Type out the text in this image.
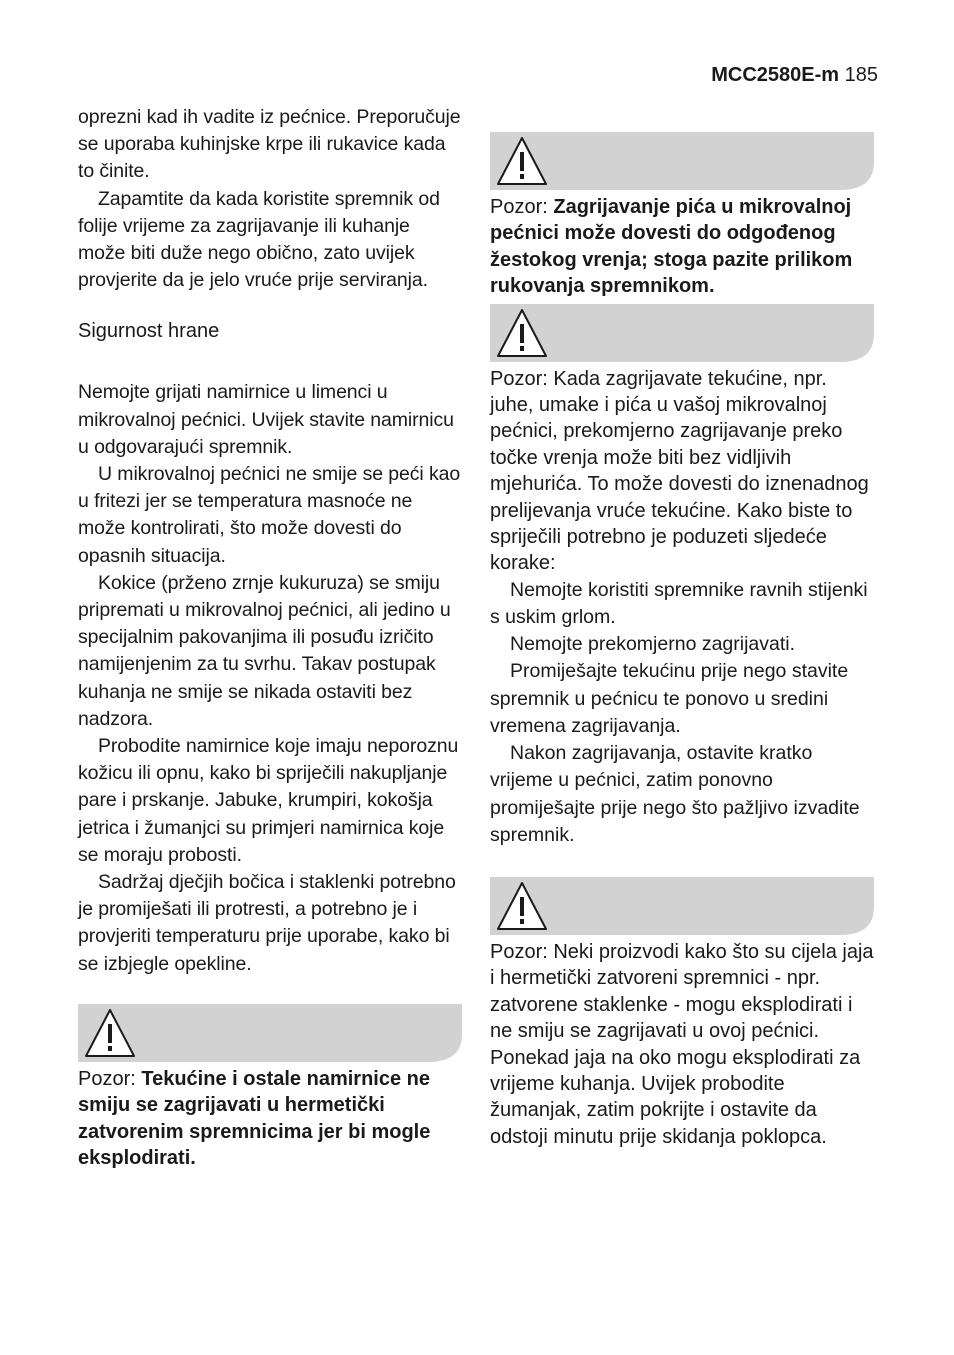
MCC2580E-m 185

oprezni kad ih vadite iz pećnice. Preporučuje se uporaba kuhinjske krpe ili rukavice kada to činite.

Zapamtite da kada koristite spremnik od folije vrijeme za zagrijavanje ili kuhanje može biti duže nego obično, zato uvijek provjerite da je jelo vruće prije serviranja.

Sigurnost hrane

Nemojte grijati namirnice u limenci u mikrovalnoj pećnici. Uvijek stavite namirnicu u odgovarajući spremnik.

U mikrovalnoj pećnici ne smije se peći kao u fritezi jer se temperatura masnoće ne može kontrolirati, što može dovesti do opasnih situacija.

Kokice (prženo zrnje kukuruza) se smiju pripremati u mikrovalnoj pećnici, ali jedino u specijalnim pakovanjima ili posuđu izričito namijenjenim za tu svrhu. Takav postupak kuhanja ne smije se nikada ostaviti bez nadzora.

Probodite namirnice koje imaju neporoznu kožicu ili opnu, kako bi spriječili nakupljanje pare i prskanje. Jabuke, krumpiri, kokošja jetrica i žumanjci su primjeri namirnica koje se moraju probosti.

Sadržaj dječjih bočica i staklenki potrebno je promiješati ili protresti, a potrebno je i provjeriti temperaturu prije uporabe, kako bi se izbjegle opekline.

Pozor: Tekućine i ostale namirnice ne smiju se zagrijavati u hermetički zatvorenim spremnicima jer bi mogle eksplodirati.

Pozor: Zagrijavanje pića u mikrovalnoj pećnici može dovesti do odgođenog žestokog vrenja; stoga pazite prilikom rukovanja spremnikom.

Pozor: Kada zagrijavate tekućine, npr. juhe, umake i pića u vašoj mikrovalnoj pećnici, prekomjerno zagrijavanje preko točke vrenja može biti bez vidljivih mjehurića. To može dovesti do iznenadnog prelijevanja vruće tekućine. Kako biste to spriječili potrebno je poduzeti sljedeće korake:

Nemojte koristiti spremnike ravnih stijenki s uskim grlom.

Nemojte prekomjerno zagrijavati.

Promiješajte tekućinu prije nego stavite spremnik u pećnicu te ponovo u sredini vremena zagrijavanja.

Nakon zagrijavanja, ostavite kratko vrijeme u pećnici, zatim ponovno promiješajte prije nego što pažljivo izvadite spremnik.

Pozor: Neki proizvodi kako što su cijela jaja i hermetički zatvoreni spremnici - npr. zatvorene staklenke - mogu eksplodirati i ne smiju se zagrijavati u ovoj pećnici. Ponekad jaja na oko mogu eksplodirati za vrijeme kuhanja. Uvijek probodite žumanjak, zatim pokrijte i ostavite da odstoji minutu prije skidanja poklopca.
